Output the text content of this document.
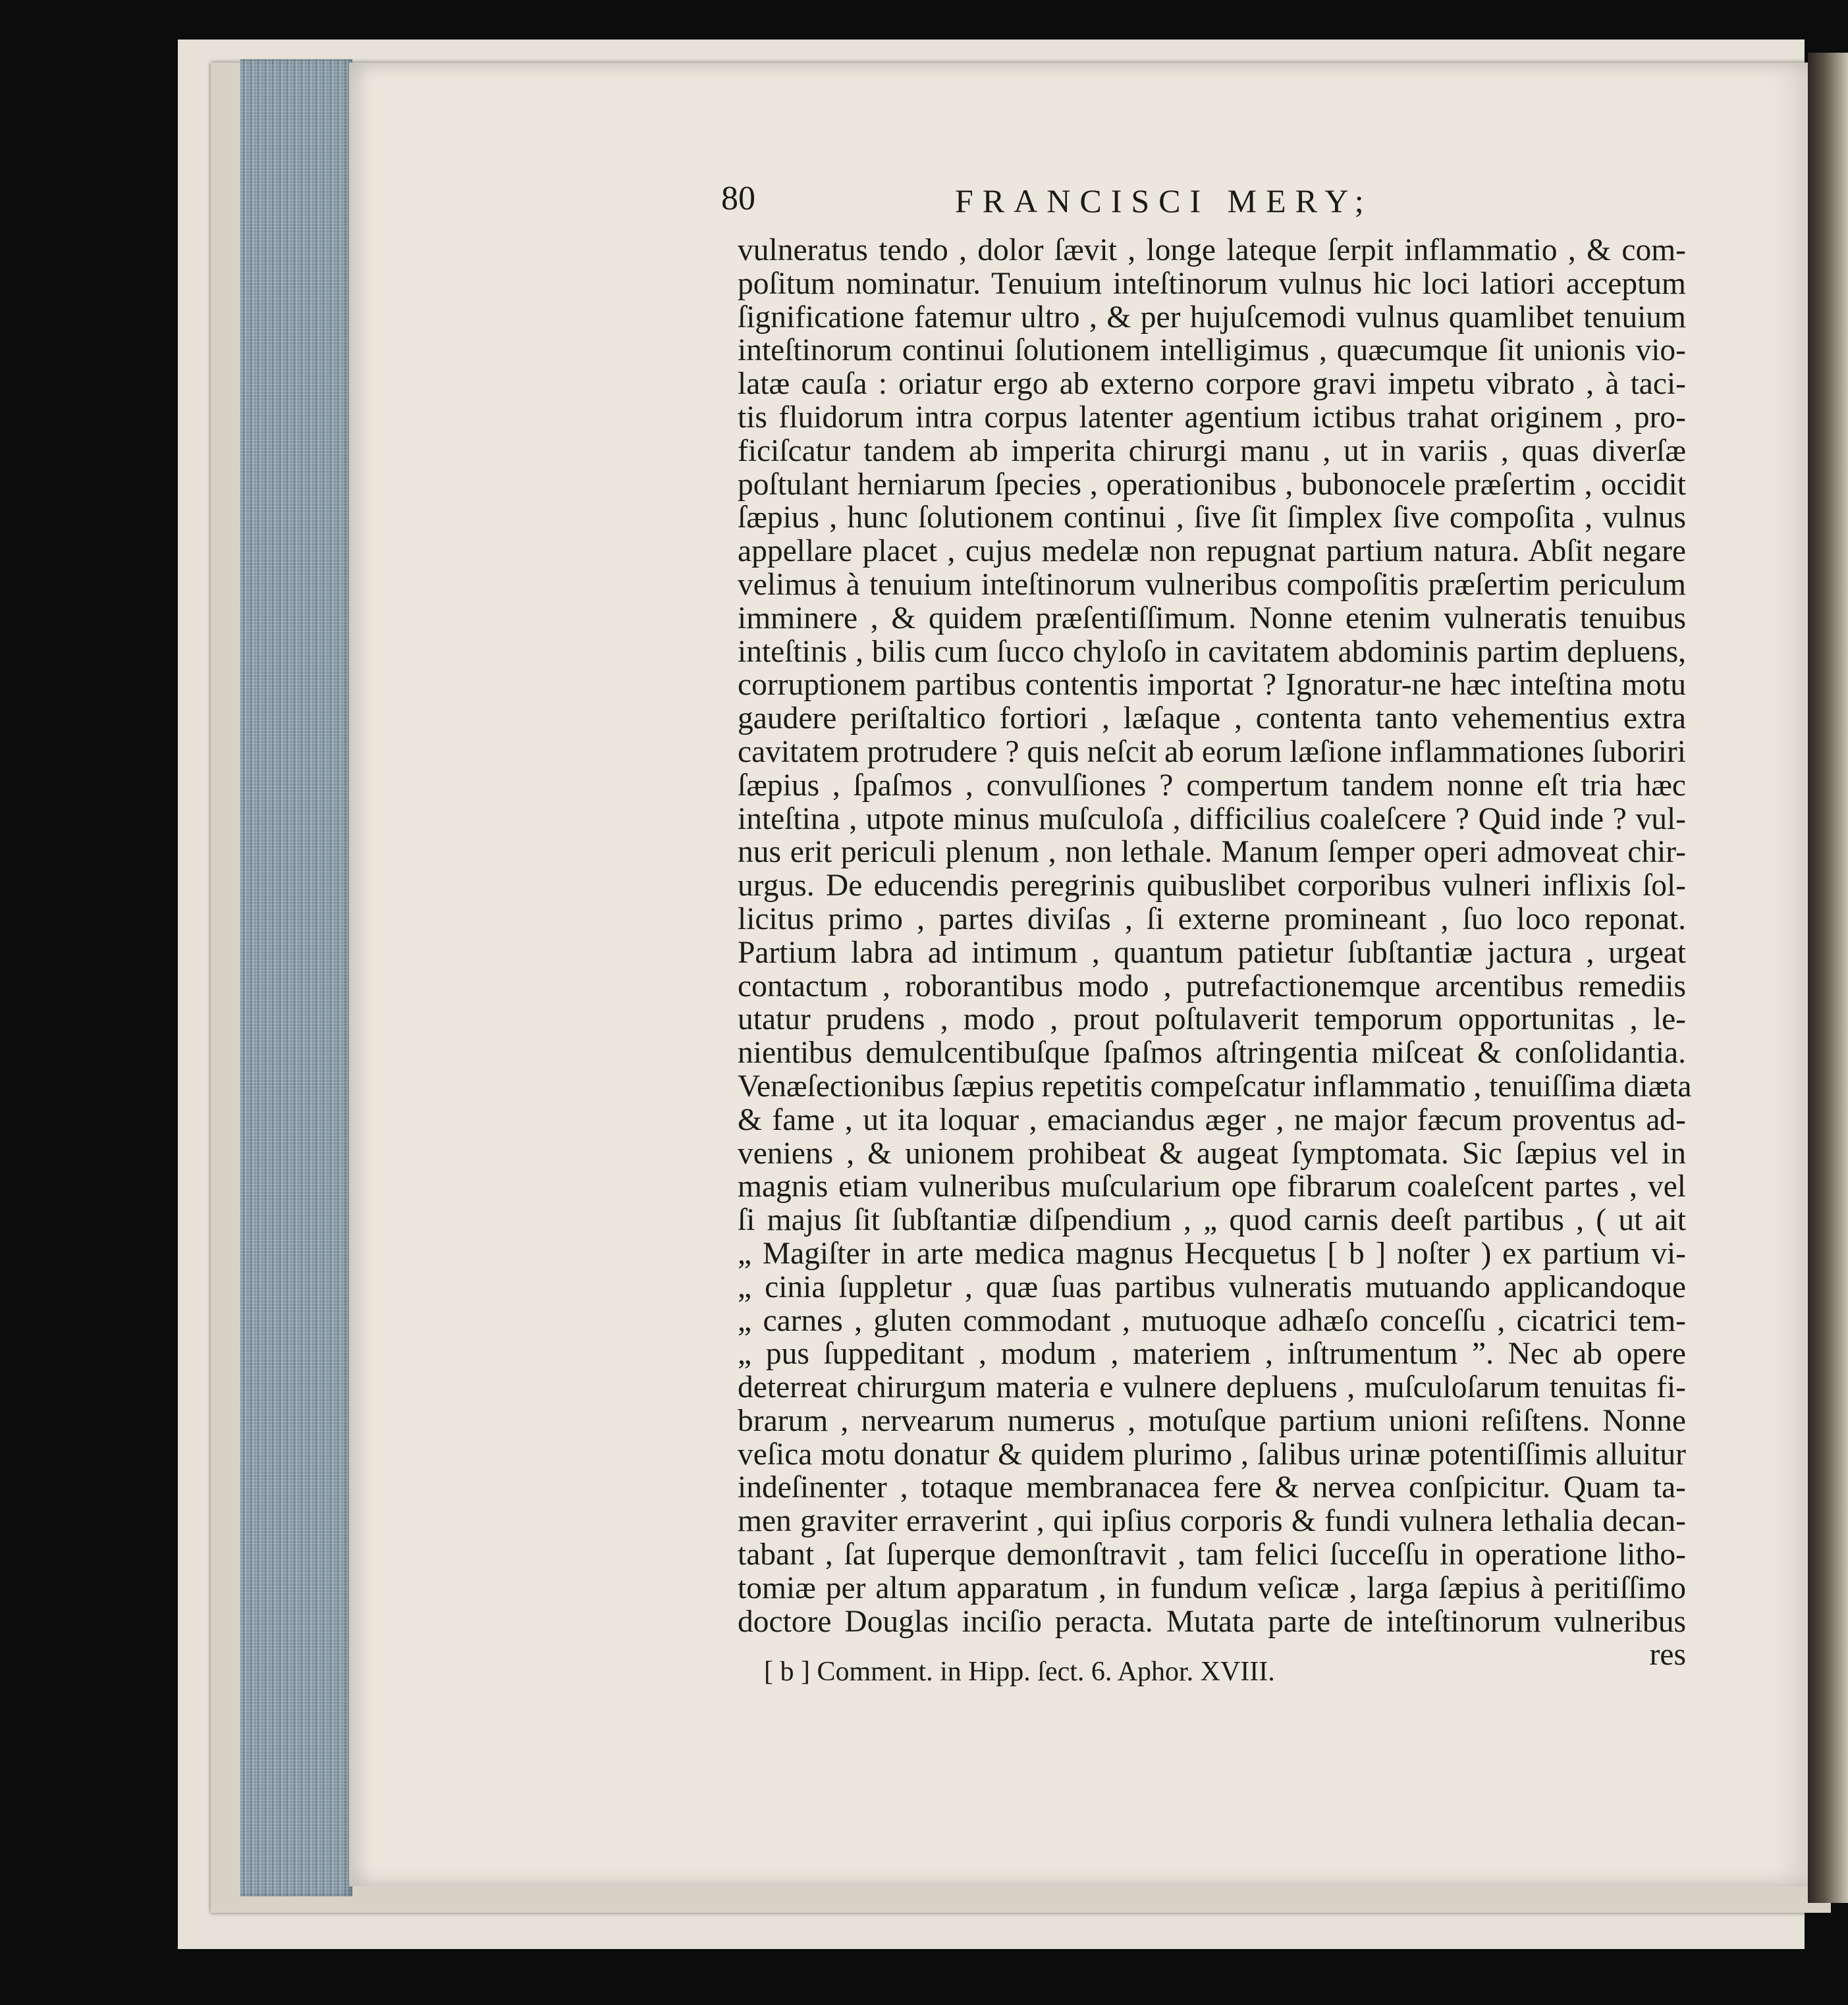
80	FRANCISCI MERY;
vulneratus tendo , dolor ſævit , longe lateque ſerpit inflammatio , & com-
poſitum nominatur. Tenuium inteſtinorum vulnus hic loci latiori acceptum
ſignificatione fatemur ultro , & per hujuſcemodi vulnus quamlibet tenuium
inteſtinorum continui ſolutionem intelligimus , quæcumque ſit unionis vio-
latæ cauſa : oriatur ergo ab externo corpore gravi impetu vibrato , à taci-
tis fluidorum intra corpus latenter agentium ictibus trahat originem , pro-
ficiſcatur tandem ab imperita chirurgi manu , ut in variis , quas diverſæ
poſtulant herniarum ſpecies , operationibus , bubonocele præſertim , occidit
ſæpius , hunc ſolutionem continui , ſive ſit ſimplex ſive compoſita , vulnus
appellare placet , cujus medelæ non repugnat partium natura. Abſit negare
velimus à tenuium inteſtinorum vulneribus compoſitis præſertim periculum
imminere , & quidem præſentiſſimum. Nonne etenim vulneratis tenuibus
inteſtinis , bilis cum ſucco chyloſo in cavitatem abdominis partim depluens,
corruptionem partibus contentis importat ? Ignoratur-ne hæc inteſtina motu
gaudere periſtaltico fortiori , læſaque , contenta tanto vehementius extra
cavitatem protrudere ? quis neſcit ab eorum læſione inflammationes ſuboriri
ſæpius , ſpaſmos , convulſiones ? compertum tandem nonne eſt tria hæc
inteſtina , utpote minus muſculoſa , difficilius coaleſcere ? Quid inde ? vul-
nus erit periculi plenum , non lethale. Manum ſemper operi admoveat chir-
urgus. De educendis peregrinis quibuslibet corporibus vulneri inflixis ſol-
licitus primo , partes diviſas , ſi externe promineant , ſuo loco reponat.
Partium labra ad intimum , quantum patietur ſubſtantiæ jactura , urgeat
contactum , roborantibus modo , putrefactionemque arcentibus remediis
utatur prudens , modo , prout poſtulaverit temporum opportunitas , le-
nientibus demulcentibuſque ſpaſmos aſtringentia miſceat & conſolidantia.
Venæſectionibus ſæpius repetitis compeſcatur inflammatio , tenuiſſima diæta
& fame , ut ita loquar , emaciandus æger , ne major fæcum proventus ad-
veniens , & unionem prohibeat & augeat ſymptomata. Sic ſæpius vel in
magnis etiam vulneribus muſcularium ope fibrarum coaleſcent partes , vel
ſi majus ſit ſubſtantiæ diſpendium , „ quod carnis deeſt partibus , ( ut ait
„ Magiſter in arte medica magnus Hecquetus [ b ] noſter ) ex partium vi-
„ cinia ſuppletur , quæ ſuas partibus vulneratis mutuando applicandoque
„ carnes , gluten commodant , mutuoque adhæſo conceſſu , cicatrici tem-
„ pus ſuppeditant , modum , materiem , inſtrumentum ”. Nec ab opere
deterreat chirurgum materia e vulnere depluens , muſculoſarum tenuitas fi-
brarum , nervearum numerus , motuſque partium unioni reſiſtens. Nonne
veſica motu donatur & quidem plurimo , ſalibus urinæ potentiſſimis alluitur
indeſinenter , totaque membranacea fere & nervea conſpicitur. Quam ta-
men graviter erraverint , qui ipſius corporis & fundi vulnera lethalia decan-
tabant , ſat ſuperque demonſtravit , tam felici ſucceſſu in operatione litho-
tomiæ per altum apparatum , in fundum veſicæ , larga ſæpius à peritiſſimo
doctore Douglas inciſio peracta. Mutata parte de inteſtinorum vulneribus
res
[ b ] Comment. in Hipp. ſect. 6. Aphor. XVIII.
